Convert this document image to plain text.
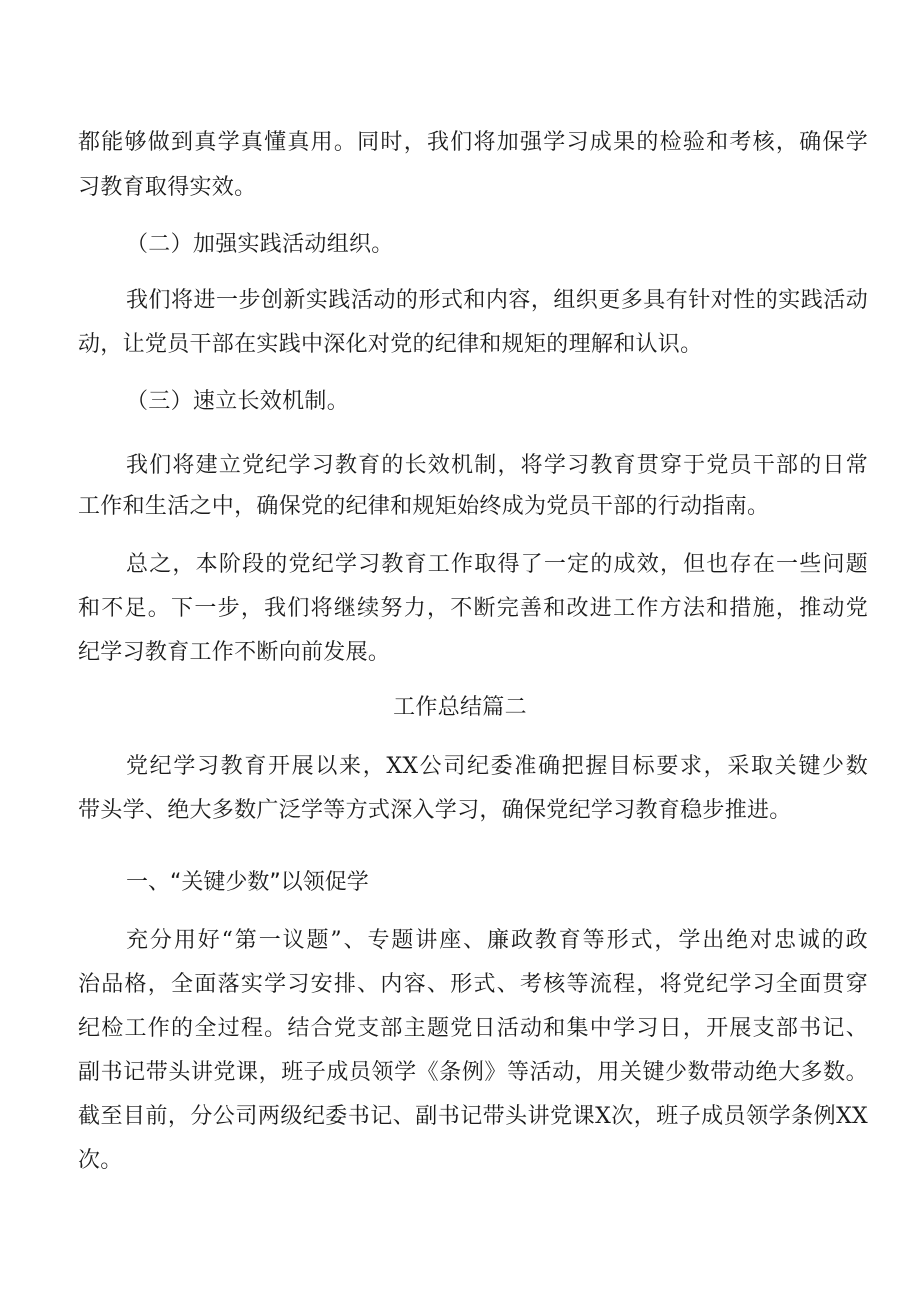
都能够做到真学真懂真用。同时，我们将加强学习成果的检验和考核，确保学
习教育取得实效。
（二）加强实践活动组织。
我们将进一步创新实践活动的形式和内容，组织更多具有针对性的实践活动
动，让党员干部在实践中深化对党的纪律和规矩的理解和认识。
（三）速立长效机制。
我们将建立党纪学习教育的长效机制，将学习教育贯穿于党员干部的日常
工作和生活之中，确保党的纪律和规矩始终成为党员干部的行动指南。
总之，本阶段的党纪学习教育工作取得了一定的成效，但也存在一些问题
和不足。下一步，我们将继续努力，不断完善和改进工作方法和措施，推动党
纪学习教育工作不断向前发展。
工作总结篇二
党纪学习教育开展以来，XX公司纪委准确把握目标要求，采取关键少数
带头学、绝大多数广泛学等方式深入学习，确保党纪学习教育稳步推进。
一、“关键少数”以领促学
充分用好“第一议题”、专题讲座、廉政教育等形式，学出绝对忠诚的政
治品格，全面落实学习安排、内容、形式、考核等流程，将党纪学习全面贯穿
纪检工作的全过程。结合党支部主题党日活动和集中学习日，开展支部书记、
副书记带头讲党课，班子成员领学《条例》等活动，用关键少数带动绝大多数。
截至目前，分公司两级纪委书记、副书记带头讲党课X次，班子成员领学条例XX
次。
